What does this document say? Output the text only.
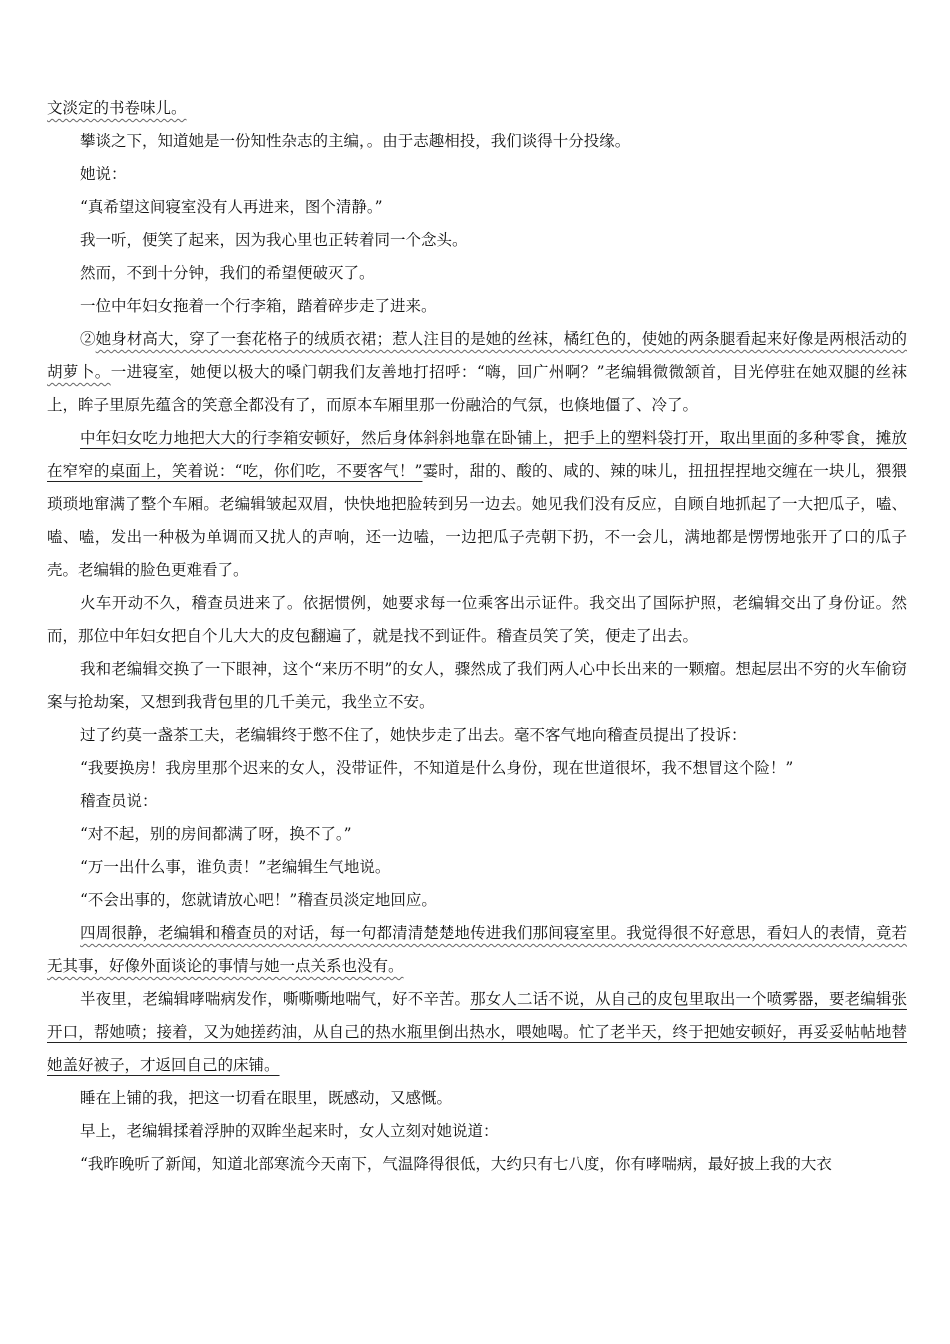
文淡定的书卷味儿。

攀谈之下，知道她是一份知性杂志的主编，。由于志趣相投，我们谈得十分投缘。

她说：

“真希望这间寝室没有人再进来，图个清静。”

我一听，便笑了起来，因为我心里也正转着同一个念头。

然而，不到十分钟，我们的希望便破灭了。

一位中年妇女拖着一个行李箱，踏着碎步走了进来。

②她身材高大，穿了一套花格子的绒质衣裙；惹人注目的是她的丝袜，橘红色的，使她的两条腿看起来好像是两根活动的胡萝卜。一进寝室，她便以极大的嗓门朝我们友善地打招呼：“嗨，回广州啊？”老编辑微微颔首，目光停驻在她双腿的丝袜上，眸子里原先蕴含的笑意全都没有了，而原本车厢里那一份融洽的气氛，也倏地僵了、冷了。

中年妇女吃力地把大大的行李箱安顿好，然后身体斜斜地靠在卧铺上，把手上的塑料袋打开，取出里面的多种零食，摊放在窄窄的桌面上，笑着说：“吃，你们吃，不要客气！”霎时，甜的、酸的、咸的、辣的味儿，扭扭捏捏地交缠在一块儿，猥猥琐琐地窜满了整个车厢。老编辑皱起双眉，快快地把脸转到另一边去。她见我们没有反应，自顾自地抓起了一大把瓜子，嗑、嗑、嗑，发出一种极为单调而又扰人的声响，还一边嗑，一边把瓜子壳朝下扔，不一会儿，满地都是愣愣地张开了口的瓜子壳。老编辑的脸色更难看了。

火车开动不久，稽查员进来了。依据惯例，她要求每一位乘客出示证件。我交出了国际护照，老编辑交出了身份证。然而，那位中年妇女把自个儿大大的皮包翻遍了，就是找不到证件。稽查员笑了笑，便走了出去。

我和老编辑交换了一下眼神，这个“来历不明”的女人，骤然成了我们两人心中长出来的一颗瘤。想起层出不穷的火车偷窃案与抢劫案，又想到我背包里的几千美元，我坐立不安。

过了约莫一盏茶工夫，老编辑终于憋不住了，她快步走了出去。毫不客气地向稽查员提出了投诉：

“我要换房！我房里那个迟来的女人，没带证件，不知道是什么身份，现在世道很坏，我不想冒这个险！”

稽查员说：

“对不起，别的房间都满了呀，换不了。”

“万一出什么事，谁负责！”老编辑生气地说。

“不会出事的，您就请放心吧！”稽查员淡定地回应。

四周很静，老编辑和稽查员的对话，每一句都清清楚楚地传进我们那间寝室里。我觉得很不好意思，看妇人的表情，竟若无其事，好像外面谈论的事情与她一点关系也没有。

半夜里，老编辑哮喘病发作，嘶嘶嘶地喘气，好不辛苦。那女人二话不说，从自己的皮包里取出一个喷雾器，要老编辑张开口，帮她喷；接着，又为她搓药油，从自己的热水瓶里倒出热水，喂她喝。忙了老半天，终于把她安顿好，再妥妥帖帖地替她盖好被子，才返回自己的床铺。

睡在上铺的我，把这一切看在眼里，既感动，又感慨。

早上，老编辑揉着浮肿的双眸坐起来时，女人立刻对她说道：

“我昨晚听了新闻，知道北部寒流今天南下，气温降得很低，大约只有七八度，你有哮喘病，最好披上我的大衣
